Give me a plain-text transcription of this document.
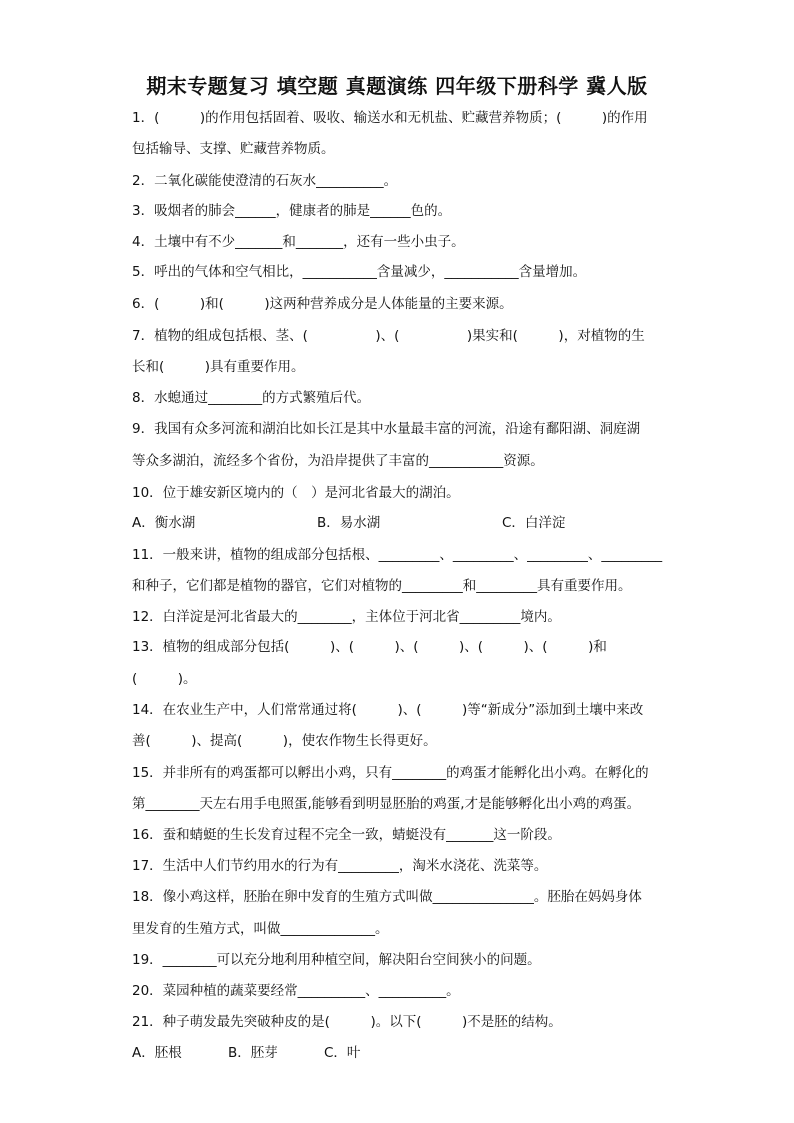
期末专题复习 填空题 真题演练 四年级下册科学 冀人版
1．(　　　)的作用包括固着、吸收、输送水和无机盐、贮藏营养物质；(　　　)的作用
包括输导、支撑、贮藏营养物质。
2．二氧化碳能使澄清的石灰水__________。
3．吸烟者的肺会______，健康者的肺是______色的。
4．土壤中有不少_______和_______，还有一些小虫子。
5．呼出的气体和空气相比，___________含量减少，___________含量增加。
6．(　　　)和(　　　)这两种营养成分是人体能量的主要来源。
7．植物的组成包括根、茎、(　　　　　)、(　　　　　)果实和(　　　)，对植物的生
长和(　　　)具有重要作用。
8．水螅通过________的方式繁殖后代。
9．我国有众多河流和湖泊比如长江是其中水量最丰富的河流，沿途有鄱阳湖、洞庭湖
等众多湖泊，流经多个省份，为沿岸提供了丰富的___________资源。
10．位于雄安新区境内的（　）是河北省最大的湖泊。
11．一般来讲，植物的组成部分包括根、_________、_________、_________、_________
和种子，它们都是植物的器官，它们对植物的_________和_________具有重要作用。
12．白洋淀是河北省最大的________，主体位于河北省_________境内。
13．植物的组成部分包括(　　　)、(　　　)、(　　　)、(　　　)、(　　　)和
(　　　)。
14．在农业生产中，人们常常通过将(　　　)、(　　　)等“新成分”添加到土壤中来改
善(　　　)、提高(　　　)，使农作物生长得更好。
15．并非所有的鸡蛋都可以孵出小鸡，只有________的鸡蛋才能孵化出小鸡。在孵化的
第________天左右用手电照蛋,能够看到明显胚胎的鸡蛋,才是能够孵化出小鸡的鸡蛋。
16．蚕和蜻蜓的生长发育过程不完全一致，蜻蜓没有_______这一阶段。
17．生活中人们节约用水的行为有_________，淘米水浇花、洗菜等。
18．像小鸡这样，胚胎在卵中发育的生殖方式叫做_______________。胚胎在妈妈身体
里发育的生殖方式，叫做______________。
19．________可以充分地利用种植空间，解决阳台空间狭小的问题。
20．菜园种植的蔬菜要经常__________、__________。
21．种子萌发最先突破种皮的是(　　　)。以下(　　　)不是胚的结构。
A．衡水湖	B．易水湖	C．白洋淀
A．胚根	B．胚芽	C．叶
